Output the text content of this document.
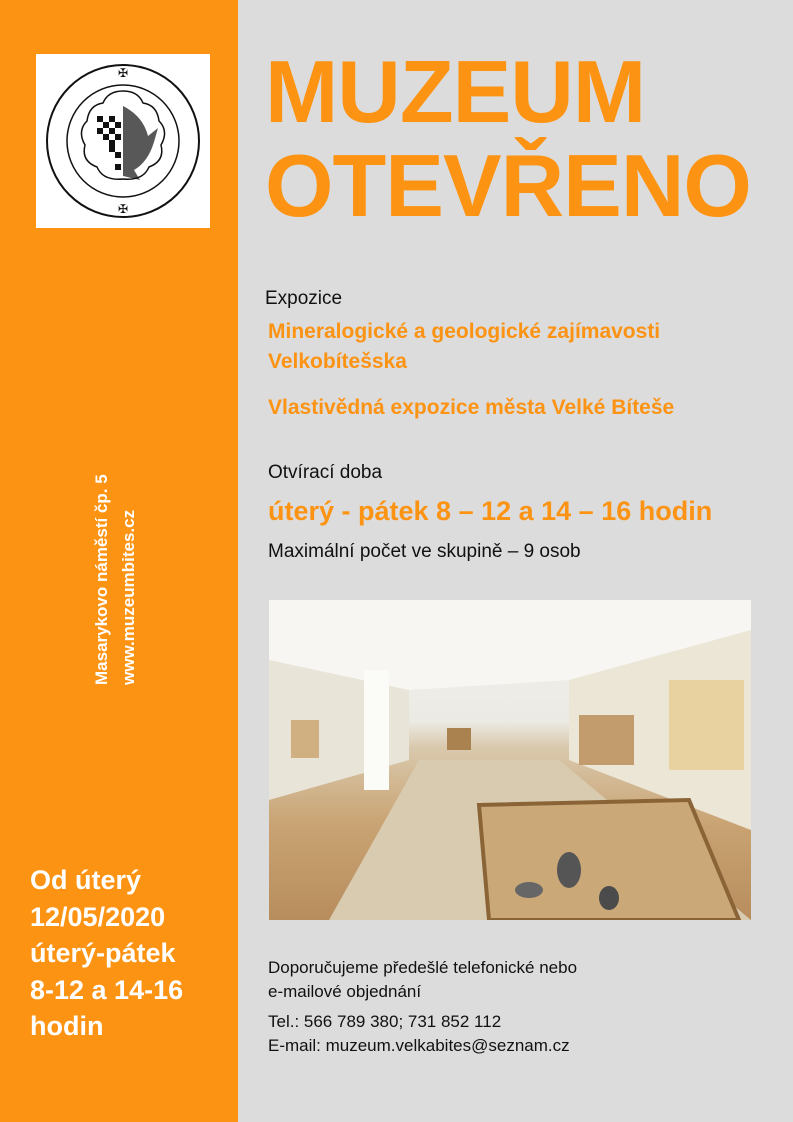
✠
✠
Masarykovo náměstí čp. 5 www.muzeumbites.cz
Od úterý
12/05/2020
úterý-pátek
8-12 a 14-16
hodin
MUZEUM
OTEVŘENO
Expozice
Mineralogické a geologické zajímavosti
Velkobítešska
Vlastivědná expozice města Velké Bíteše
Otvírací doba
úterý - pátek 8 – 12 a 14 – 16 hodin
Maximální počet ve skupině – 9 osob
Doporučujeme předešlé telefonické nebo
e-mailové objednání
Tel.: 566 789 380; 731 852 112
E-mail: muzeum.velkabites@seznam.cz
